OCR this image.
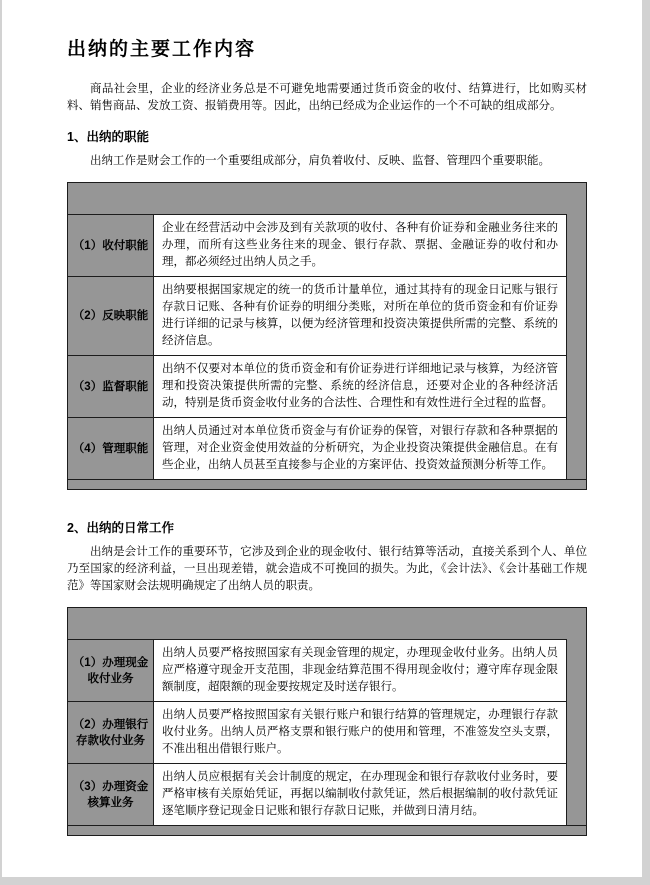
出纳的主要工作内容

商品社会里，企业的经济业务总是不可避免地需要通过货币资金的收付、结算进行，比如购买材料、销售商品、发放工资、报销费用等。因此，出纳已经成为企业运作的一个不可缺的组成部分。

1、出纳的职能

出纳工作是财会工作的一个重要组成部分，肩负着收付、反映、监督、管理四个重要职能。

（1）收付职能
企业在经营活动中会涉及到有关款项的收付、各种有价证券和金融业务往来的办理，而所有这些业务往来的现金、银行存款、票据、金融证券的收付和办理，都必须经过出纳人员之手。
（2）反映职能
出纳要根据国家规定的统一的货币计量单位，通过其持有的现金日记账与银行存款日记账、各种有价证券的明细分类账，对所在单位的货币资金和有价证券进行详细的记录与核算，以便为经济管理和投资决策提供所需的完整、系统的经济信息。
（3）监督职能
出纳不仅要对本单位的货币资金和有价证券进行详细地记录与核算，为经济管理和投资决策提供所需的完整、系统的经济信息，还要对企业的各种经济活动，特别是货币资金收付业务的合法性、合理性和有效性进行全过程的监督。
（4）管理职能
出纳人员通过对本单位货币资金与有价证券的保管，对银行存款和各种票据的管理，对企业资金使用效益的分析研究，为企业投资决策提供金融信息。在有些企业，出纳人员甚至直接参与企业的方案评估、投资效益预测分析等工作。
2、出纳的日常工作

出纳是会计工作的重要环节，它涉及到企业的现金收付、银行结算等活动，直接关系到个人、单位乃至国家的经济利益，一旦出现差错，就会造成不可挽回的损失。为此，《会计法》、《会计基础工作规范》等国家财会法规明确规定了出纳人员的职责。

（1）办理现金收付业务
出纳人员要严格按照国家有关现金管理的规定，办理现金收付业务。出纳人员应严格遵守现金开支范围，非现金结算范围不得用现金收付；遵守库存现金限额制度，超限额的现金要按规定及时送存银行。
（2）办理银行存款收付业务
出纳人员要严格按照国家有关银行账户和银行结算的管理规定，办理银行存款收付业务。出纳人员严格支票和银行账户的使用和管理，不准签发空头支票，不准出租出借银行账户。
（3）办理资金核算业务
出纳人员应根据有关会计制度的规定，在办理现金和银行存款收付业务时，要严格审核有关原始凭证，再据以编制收付款凭证，然后根据编制的收付款凭证逐笔顺序登记现金日记账和银行存款日记账，并做到日清月结。
